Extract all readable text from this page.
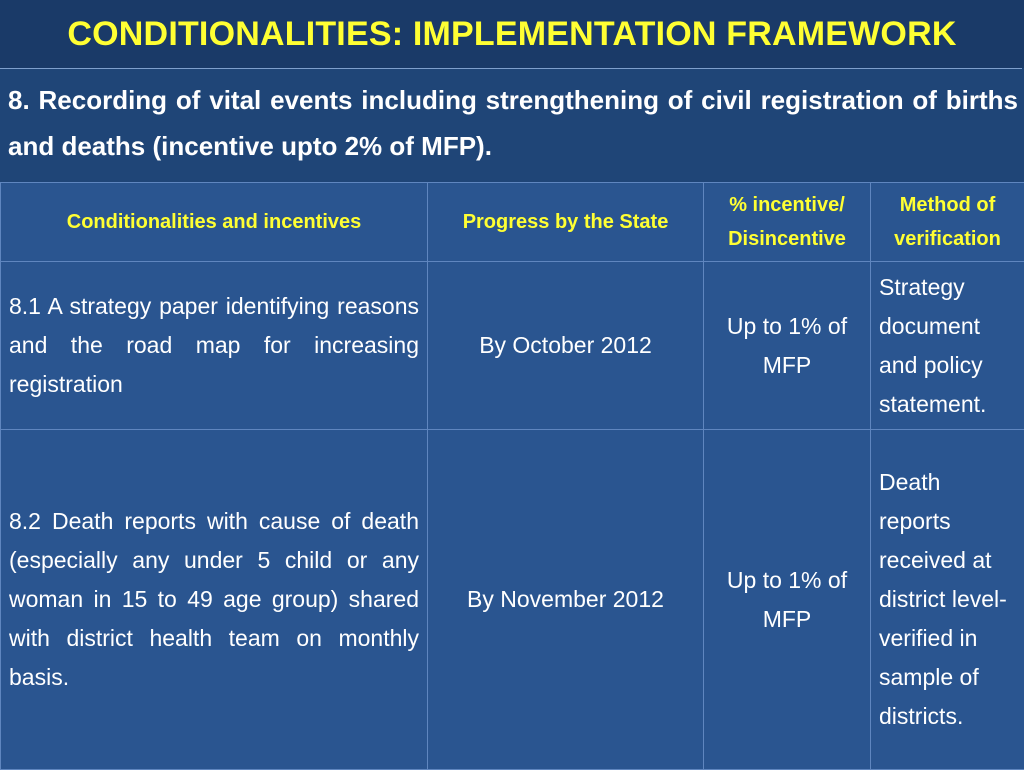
CONDITIONALITIES: IMPLEMENTATION FRAMEWORK
8. Recording of vital events including strengthening of civil registration of births and deaths (incentive upto 2% of MFP).
Conditionalities and incentives	Progress by the State	% incentive/ Disincentive	Method of verification
8.1 A strategy paper identifying reasons and the road map for increasing registration	By October 2012	Up to 1% of MFP	Strategy document and policy statement.
8.2 Death reports with cause of death (especially any under 5 child or any woman in 15 to 49 age group) shared with district health team on monthly basis.	By November 2012	Up to 1% of MFP	Death reports received at district level- verified in sample of districts.
